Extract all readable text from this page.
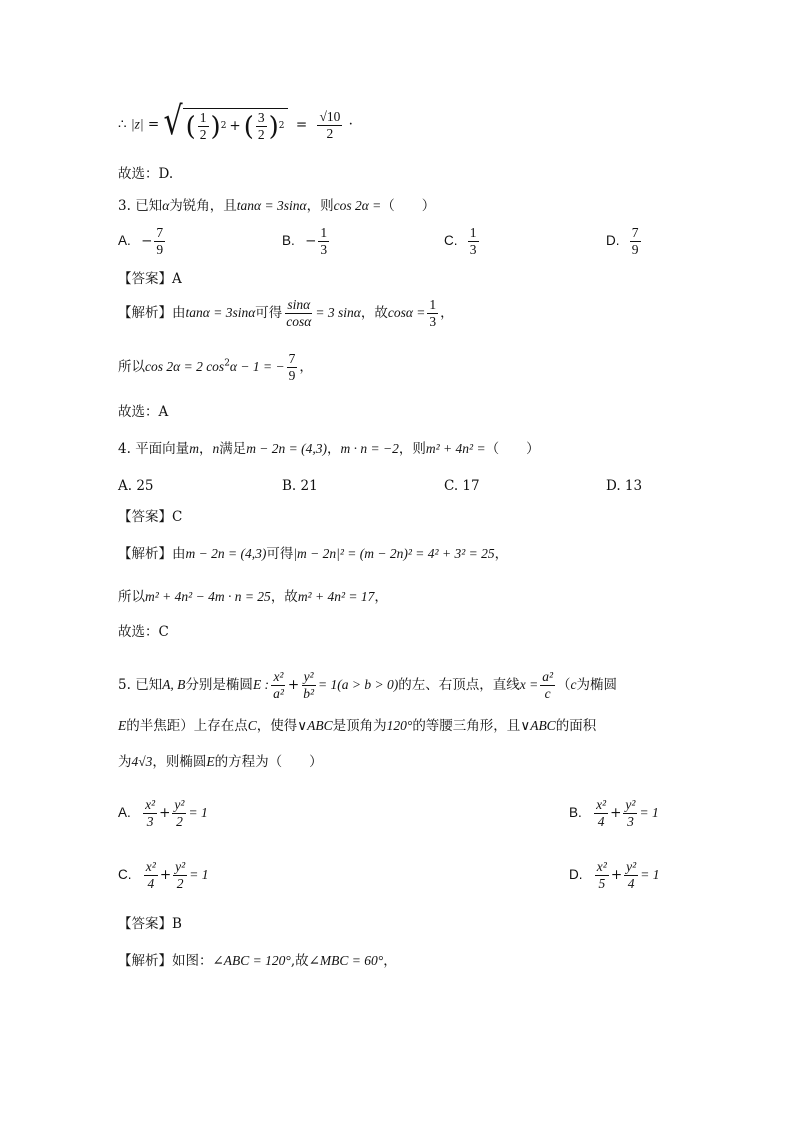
∴ |z| = √ ( $\frac{1}{2}$ ) 2 + ( $\frac{3}{2}$ ) $2 = \frac{√10}{2}$ ·
故选：D.
3. 已知α为锐角，且tanα = 3sinα，则cos 2α =（　　）
A. − $\frac{7}{9}$	B. − $\frac{1}{3}$	C. $\frac{1}{3}$	D. $\frac{7}{9}$
【答案】A
【解析】由tanα = 3sinα可得 $\frac{\sin\alpha}{\cos\alpha} = 3$ sinα，故$\cos\alpha = \frac{1}{3}$ ，
所以cos 2α = 2 $\cos^2\alpha - 1$ = − $\frac{7}{9}$ ，
故选：A
4. 平面向量m，n满足m − 2n = (4,3)，m · n = −2，则m² + 4n² =（　　）
A. 25	B. 21	C. 17	D. 13
【答案】C
【解析】由m − 2n = (4,3)可得|m − 2n|² = (m − 2n)² = 4² + 3² = 25，
所以m² + 4n² − 4m · n = 25，故m² + 4n² = 17，
故选：C
5. 已知A, B分别是椭圆E : $\frac{\text{x²}}{\text{a²}} + \frac{\text{y²}}{\text{b²}} = 1(a > b > 0)$的左、右顶点，直线$x = \frac{\text{a²}}{c} (c$为椭圆
E的半焦距）上存在点C，使得∨ABC是顶角为120°的等腰三角形，且∨ABC的面积
为4√3，则椭圆E的方程为（　　）
A. $\frac{\text{x²}}{3} + \frac{\text{y²}}{2} = 1$	B. $\frac{\text{x²}}{4} + \frac{\text{y²}}{3} = 1$
C. $\frac{\text{x²}}{4} + \frac{\text{y²}}{2} = 1$	D. $\frac{\text{x²}}{5} + \frac{\text{y²}}{4} = 1$
【答案】B
【解析】如图：∠ABC = 120°,故∠MBC = 60°，
